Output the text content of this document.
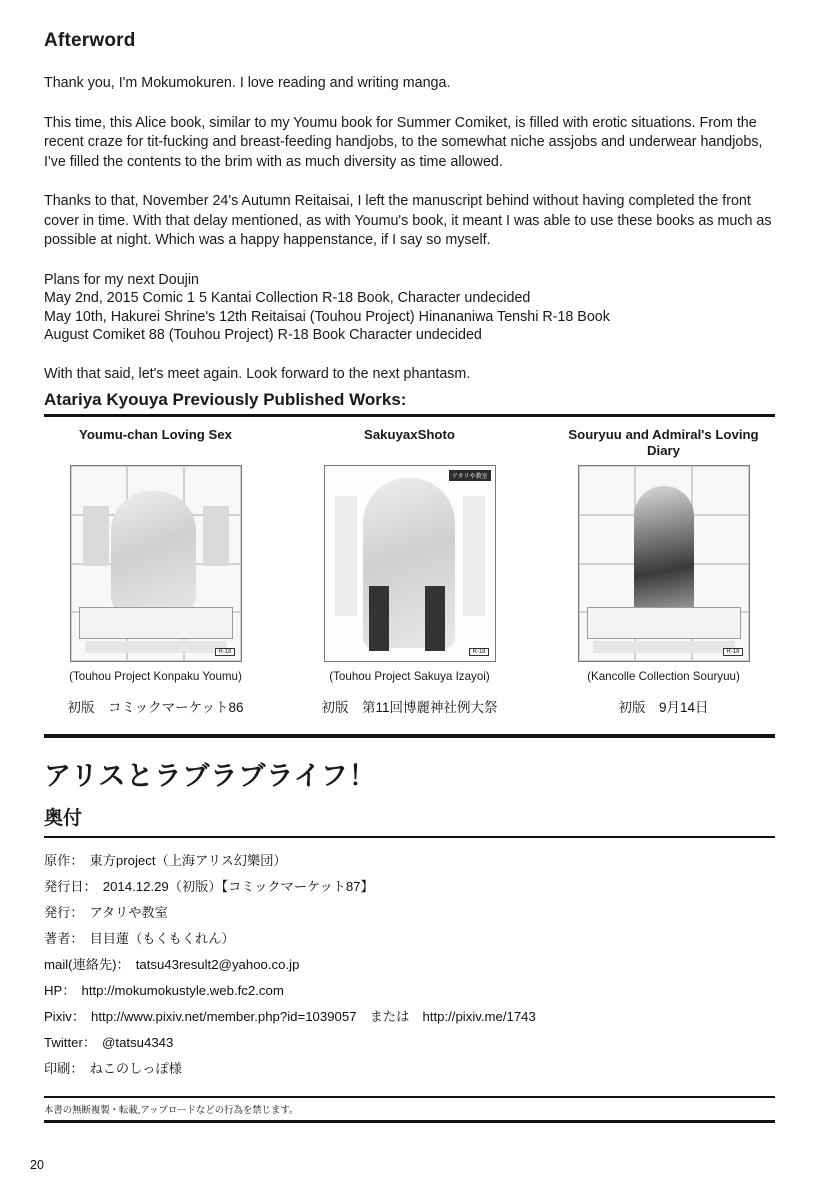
Afterword

Thank you, I'm Mokumokuren. I love reading and writing manga.

This time, this Alice book, similar to my Youmu book for Summer Comiket, is filled with erotic situations. From the recent craze for tit-fucking and breast-feeding handjobs, to the somewhat niche assjobs and underwear handjobs, I've filled the contents to the brim with as much diversity as time allowed.

Thanks to that, November 24's Autumn Reitaisai, I left the manuscript behind without having completed the front cover in time. With that delay mentioned, as with Youmu's book, it meant I was able to use these books as much as possible at night. Which was a happy happenstance, if I say so myself.

Plans for my next Doujin
May 2nd, 2015 Comic 1 5 Kantai Collection R-18 Book, Character undecided
May 10th, Hakurei Shrine's 12th Reitaisai (Touhou Project) Hinananiwa Tenshi R-18 Book
August Comiket 88 (Touhou Project) R-18 Book Character undecided

With that said, let's meet again. Look forward to the next phantasm.

Atariya Kyouya Previously Published Works:
Youmu-chan Loving Sex
R-18
(Touhou Project Konpaku Youmu)
初版　コミックマーケット86
SakuyaxShoto
アタリや教室
R-18
(Touhou Project Sakuya Izayoi)
初版　第11回博麗神社例大祭
Souryuu and Admiral's Loving Diary
R-18
(Kancolle Collection Souryuu)
初版　9月14日
アリスとラブラブライフ！
奥付
原作： 東方project（上海アリス幻樂団）
発行日： 2014.12.29（初版）【コミックマーケット87】
発行： アタリや教室
著者： 目目蓮（もくもくれん）
mail(連絡先)： tatsu43result2@yahoo.co.jp
HP： http://mokumokustyle.web.fc2.com
Pixiv： http://www.pixiv.net/member.php?id=1039057　または　http://pixiv.me/1743
Twitter： @tatsu4343
印刷： ねこのしっぽ様
本書の無断複製・転載,アップロードなどの行為を禁じます。
20
